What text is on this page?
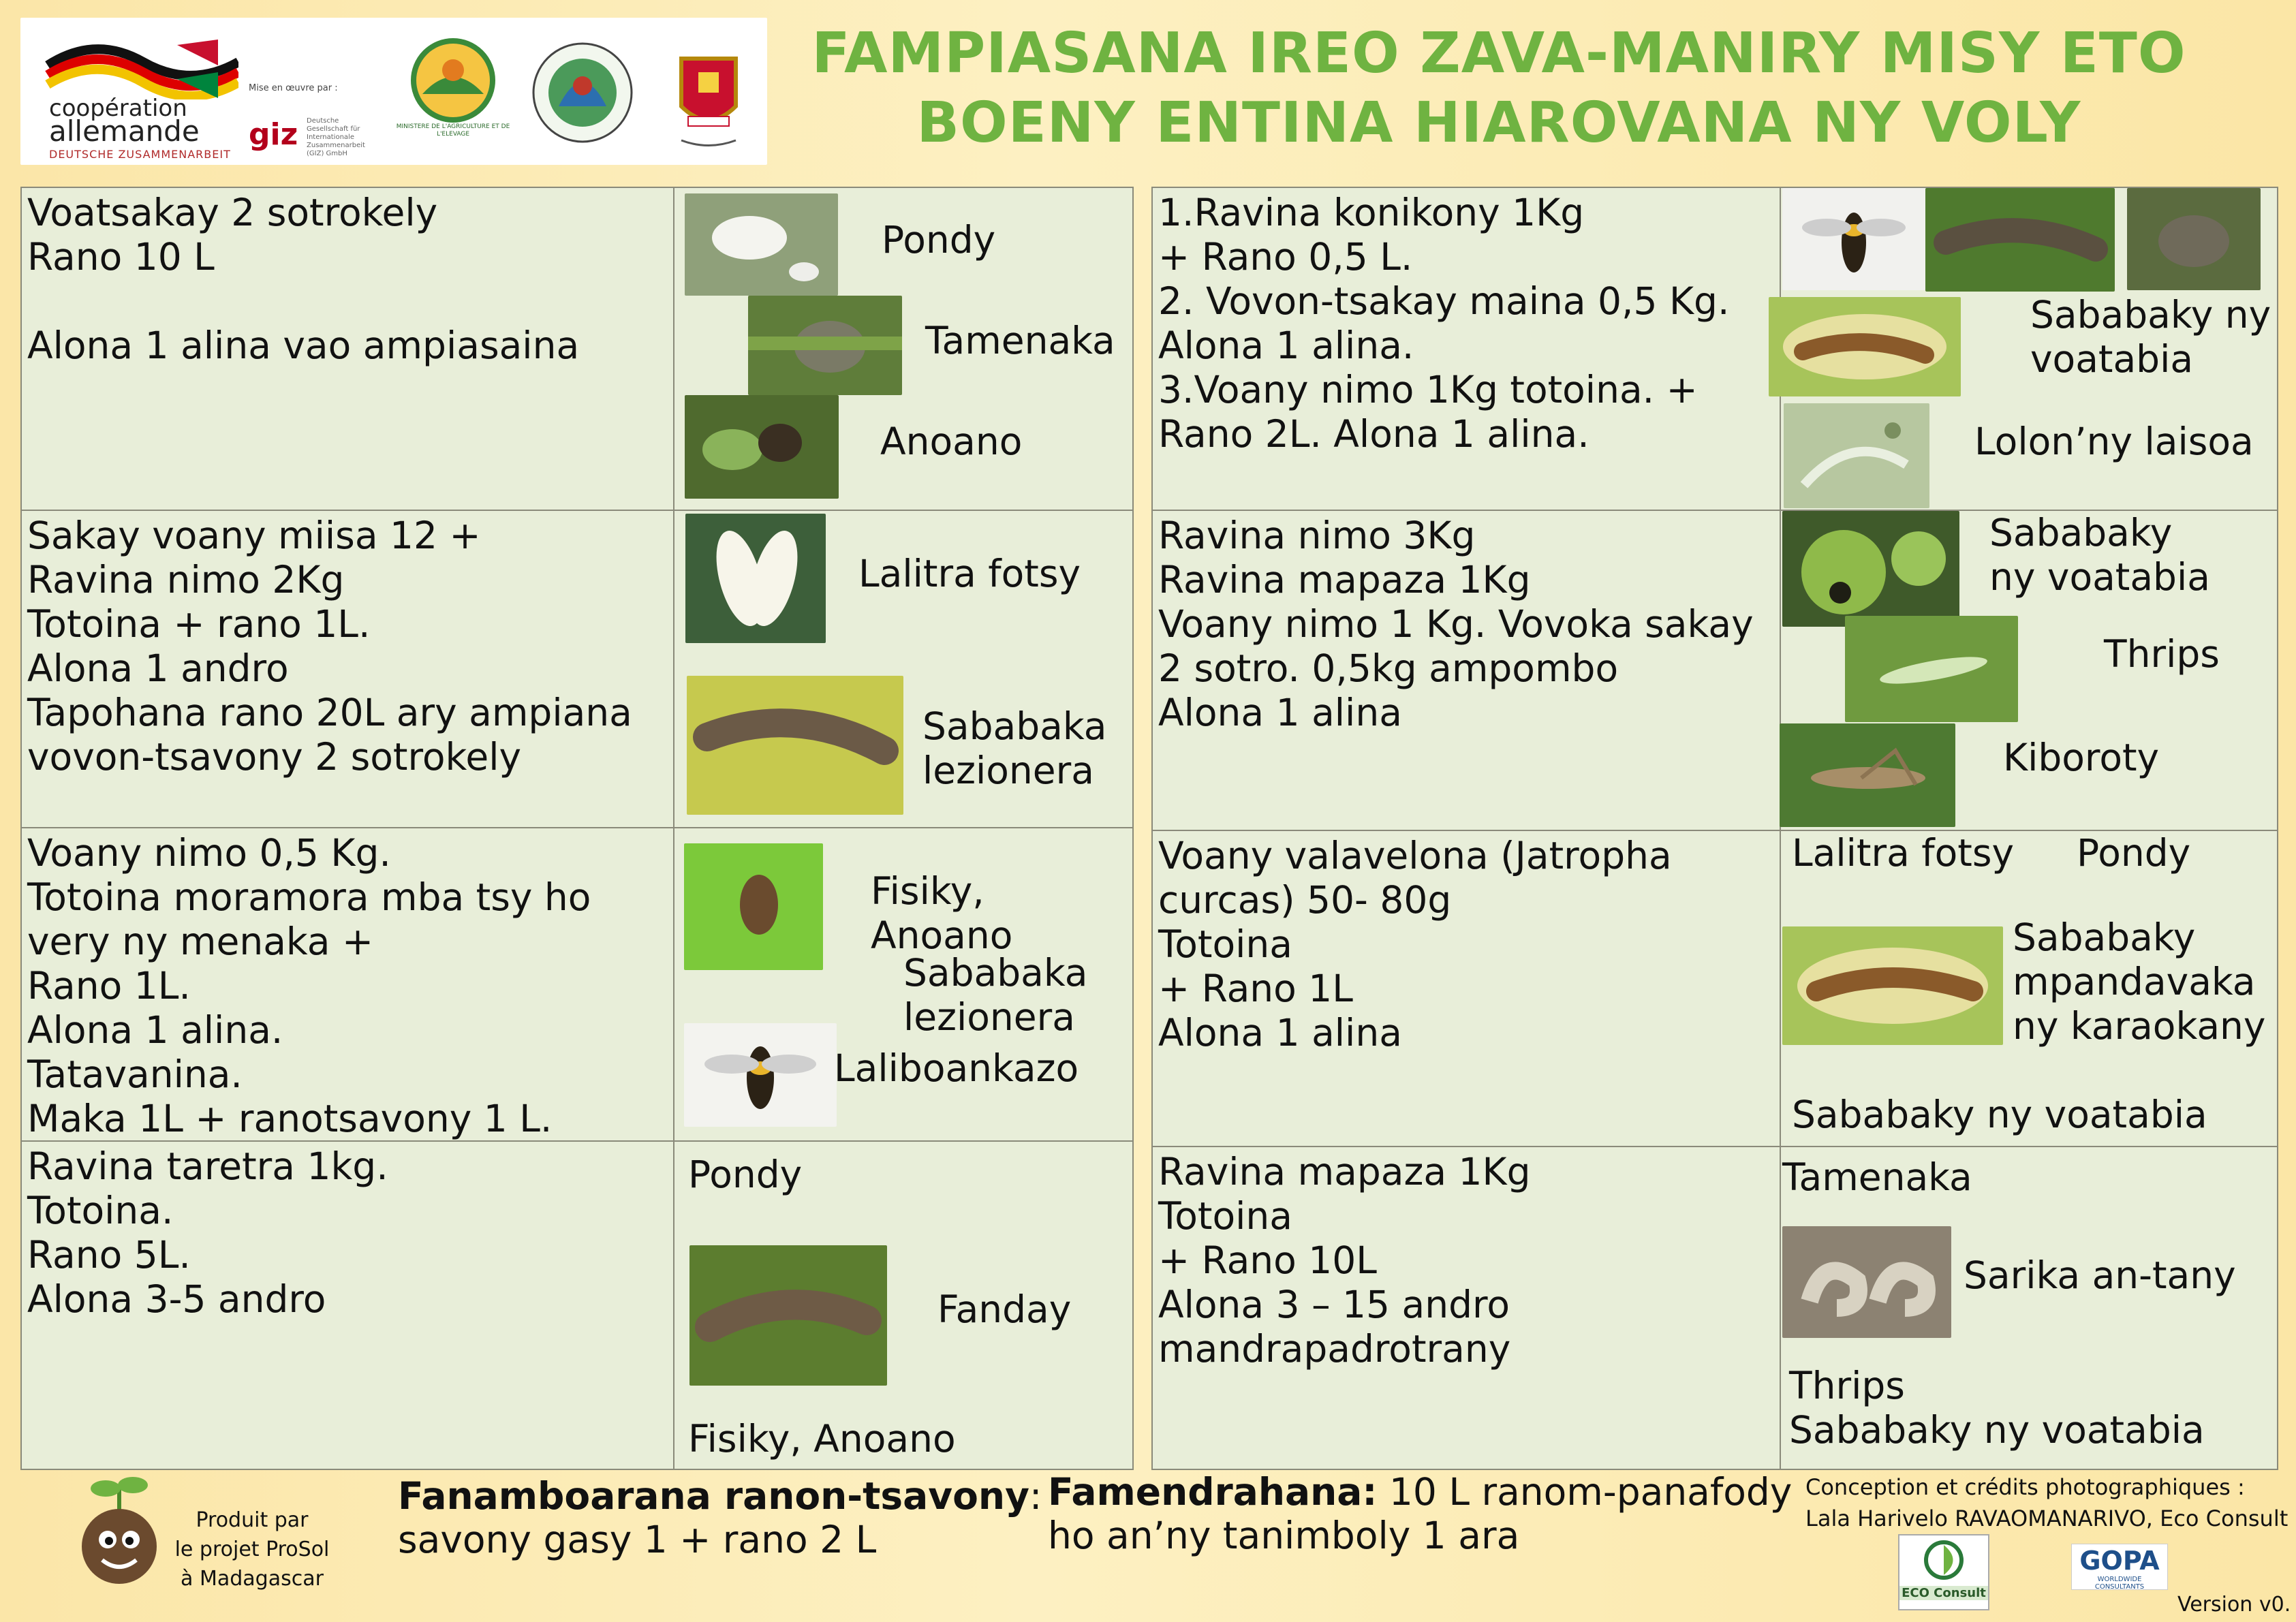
coopération
allemande
DEUTSCHE ZUSAMMENARBEIT
Mise en œuvre par :
giz Deutsche Gesellschaft für Internationale Zusammenarbeit (GIZ) GmbH
MINISTERE DE L'AGRICULTURE ET DE L'ELEVAGE
FAMPIASANA IREO ZAVA-MANIRY MISY ETO
BOENY ENTINA HIAROVANA NY VOLY
Voatsakay 2 sotrokely
Rano 10 L

Alona 1 alina vao ampiasaina
Pondy
Tamenaka
Anoano
Sakay voany miisa 12 +
Ravina nimo 2Kg
Totoina + rano 1L.
Alona 1 andro
Tapohana rano 20L ary ampiana
vovon-tsavony 2 sotrokely
Lalitra fotsy
Sababaka
lezionera
Voany nimo 0,5 Kg.
Totoina moramora mba tsy ho
very ny menaka +
Rano 1L.
Alona 1 alina.
Tatavanina.
Maka 1L + ranotsavony 1 L.
Fisiky, Anoano
Sababaka
lezionera
Laliboankazo
Ravina taretra 1kg.
Totoina.
Rano 5L.
Alona 3-5 andro
Pondy
Fanday
Fisiky, Anoano
1.Ravina konikony 1Kg
+ Rano 0,5 L.
2. Vovon-tsakay maina 0,5 Kg.
Alona 1 alina.
3.Voany nimo 1Kg totoina. +
Rano 2L. Alona 1 alina.
Sababaky ny
voatabia
Lolon’ny laisoa
Ravina nimo 3Kg
Ravina mapaza 1Kg
Voany nimo 1 Kg. Vovoka sakay
2 sotro. 0,5kg ampombo
Alona 1 alina
Sababaky
ny voatabia
Thrips
Kiboroty
Voany valavelona (Jatropha
curcas) 50- 80g
Totoina
+ Rano 1L
Alona 1 alina
Lalitra fotsy Pondy
Sababaky
mpandavaka
ny karaokany
Sababaky ny voatabia
Ravina mapaza 1Kg
Totoina
+ Rano 10L
Alona 3 – 15 andro
mandrapadrotrany
Tamenaka
Sarika an-tany
Thrips
Sababaky ny voatabia
Produit par
le projet ProSol
à Madagascar
Fanamboarana ranon-tsavony:
savony gasy 1 + rano 2 L
Famendrahana: 10 L ranom-panafody
ho an’ny tanimboly 1 ara
Conception et crédits photographiques :
Lala Harivelo RAVAOMANARIVO, Eco Consult
ECO Consult
GOPA
WORLDWIDE CONSULTANTS
Version v0.
